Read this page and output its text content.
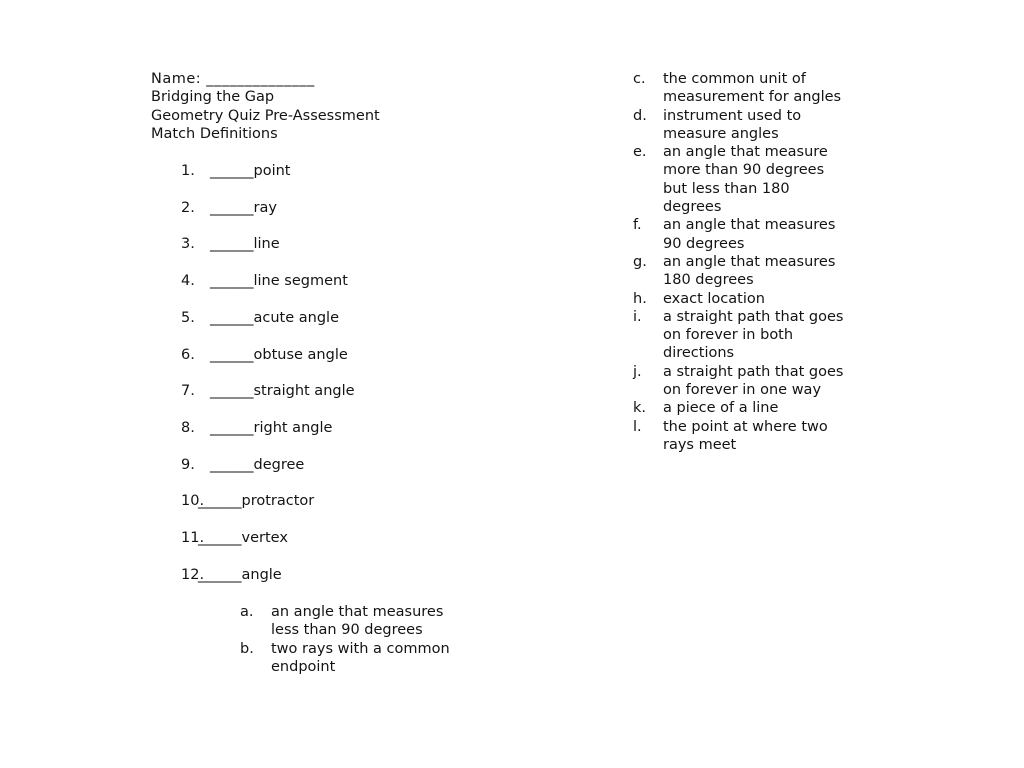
Name: ______________
Bridging the Gap
Geometry Quiz Pre-Assessment
Match Definitions
1. ______point
2. ______ray
3. ______line
4. ______line segment
5. ______acute angle
6. ______obtuse angle
7. ______straight angle
8. ______right angle
9. ______degree
10.______protractor
11.______vertex
12.______angle
a. an angle that measures
less than 90 degrees
b. two rays with a common
endpoint
c. the common unit of
measurement for angles
d. instrument used to
measure angles
e. an angle that measure
more than 90 degrees
but less than 180
degrees
f. an angle that measures
90 degrees
g. an angle that measures
180 degrees
h. exact location
i. a straight path that goes
on forever in both
directions
j. a straight path that goes
on forever in one way
k. a piece of a line
l. the point at where two
rays meet
